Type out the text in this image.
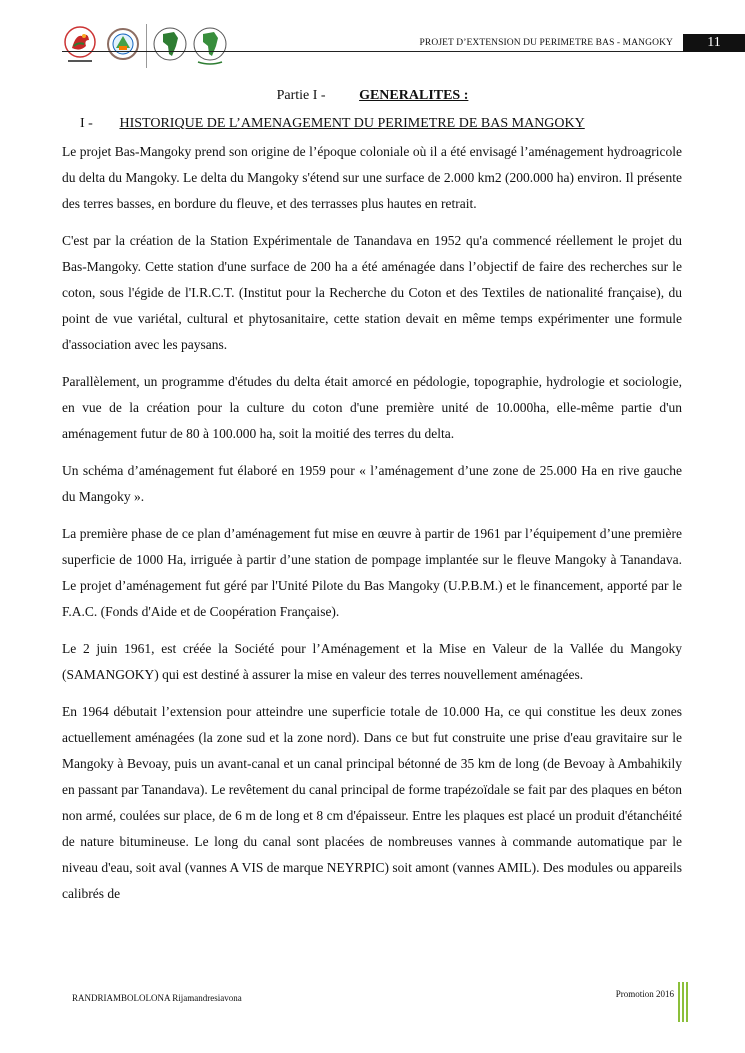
PROJET D’EXTENSION DU PERIMETRE BAS - MANGOKY	11
Partie I - GENERALITES :
I - HISTORIQUE DE L’AMENAGEMENT DU PERIMETRE DE BAS MANGOKY

Le projet Bas-Mangoky prend son origine de l’époque coloniale où il a été envisagé l’aménagement hydroagricole du delta du Mangoky. Le delta du Mangoky s'étend sur une surface de 2.000 km2 (200.000 ha) environ. Il présente des terres basses, en bordure du fleuve, et des terrasses plus hautes en retrait.

C'est par la création de la Station Expérimentale de Tanandava en 1952 qu'a commencé réellement le projet du Bas-Mangoky. Cette station d'une surface de 200 ha a été aménagée dans l’objectif de faire des recherches sur le coton, sous l'égide de l'I.R.C.T. (Institut pour la Recherche du Coton et des Textiles de nationalité française), du point de vue variétal, cultural et phytosanitaire, cette station devait en même temps expérimenter une formule d'association avec les paysans.

Parallèlement, un programme d'études du delta était amorcé en pédologie, topographie, hydrologie et sociologie, en vue de la création pour la culture du coton d'une première unité de 10.000ha, elle-même partie d'un aménagement futur de 80 à 100.000 ha, soit la moitié des terres du delta.

Un schéma d’aménagement fut élaboré en 1959 pour « l’aménagement d’une zone de 25.000 Ha en rive gauche du Mangoky ».

La première phase de ce plan d’aménagement fut mise en œuvre à partir de 1961 par l’équipement d’une première superficie de 1000 Ha, irriguée à partir d’une station de pompage implantée sur le fleuve Mangoky à Tanandava. Le projet d’aménagement fut géré par l'Unité Pilote du Bas Mangoky (U.P.B.M.) et le financement, apporté par le F.A.C. (Fonds d'Aide et de Coopération Française).

Le 2 juin 1961, est créée la Société pour l’Aménagement et la Mise en Valeur de la Vallée du Mangoky (SAMANGOKY) qui est destiné à assurer la mise en valeur des terres nouvellement aménagées.

En 1964 débutait l’extension pour atteindre une superficie totale de 10.000 Ha, ce qui constitue les deux zones actuellement aménagées (la zone sud et la zone nord). Dans ce but fut construite une prise d'eau gravitaire sur le Mangoky à Bevoay, puis un avant-canal et un canal principal bétonné de 35 km de long (de Bevoay à Ambahikily en passant par Tanandava). Le revêtement du canal principal de forme trapézoïdale se fait par des plaques en béton non armé, coulées sur place, de 6 m de long et 8 cm d'épaisseur. Entre les plaques est placé un produit d'étanchéité de nature bitumineuse. Le long du canal sont placées de nombreuses vannes à commande automatique par le niveau d'eau, soit aval (vannes A VIS de marque NEYRPIC) soit amont (vannes AMIL). Des modules ou appareils calibrés de

RANDRIAMBOLOLONA Rijamandresiavona	Promotion 2016
